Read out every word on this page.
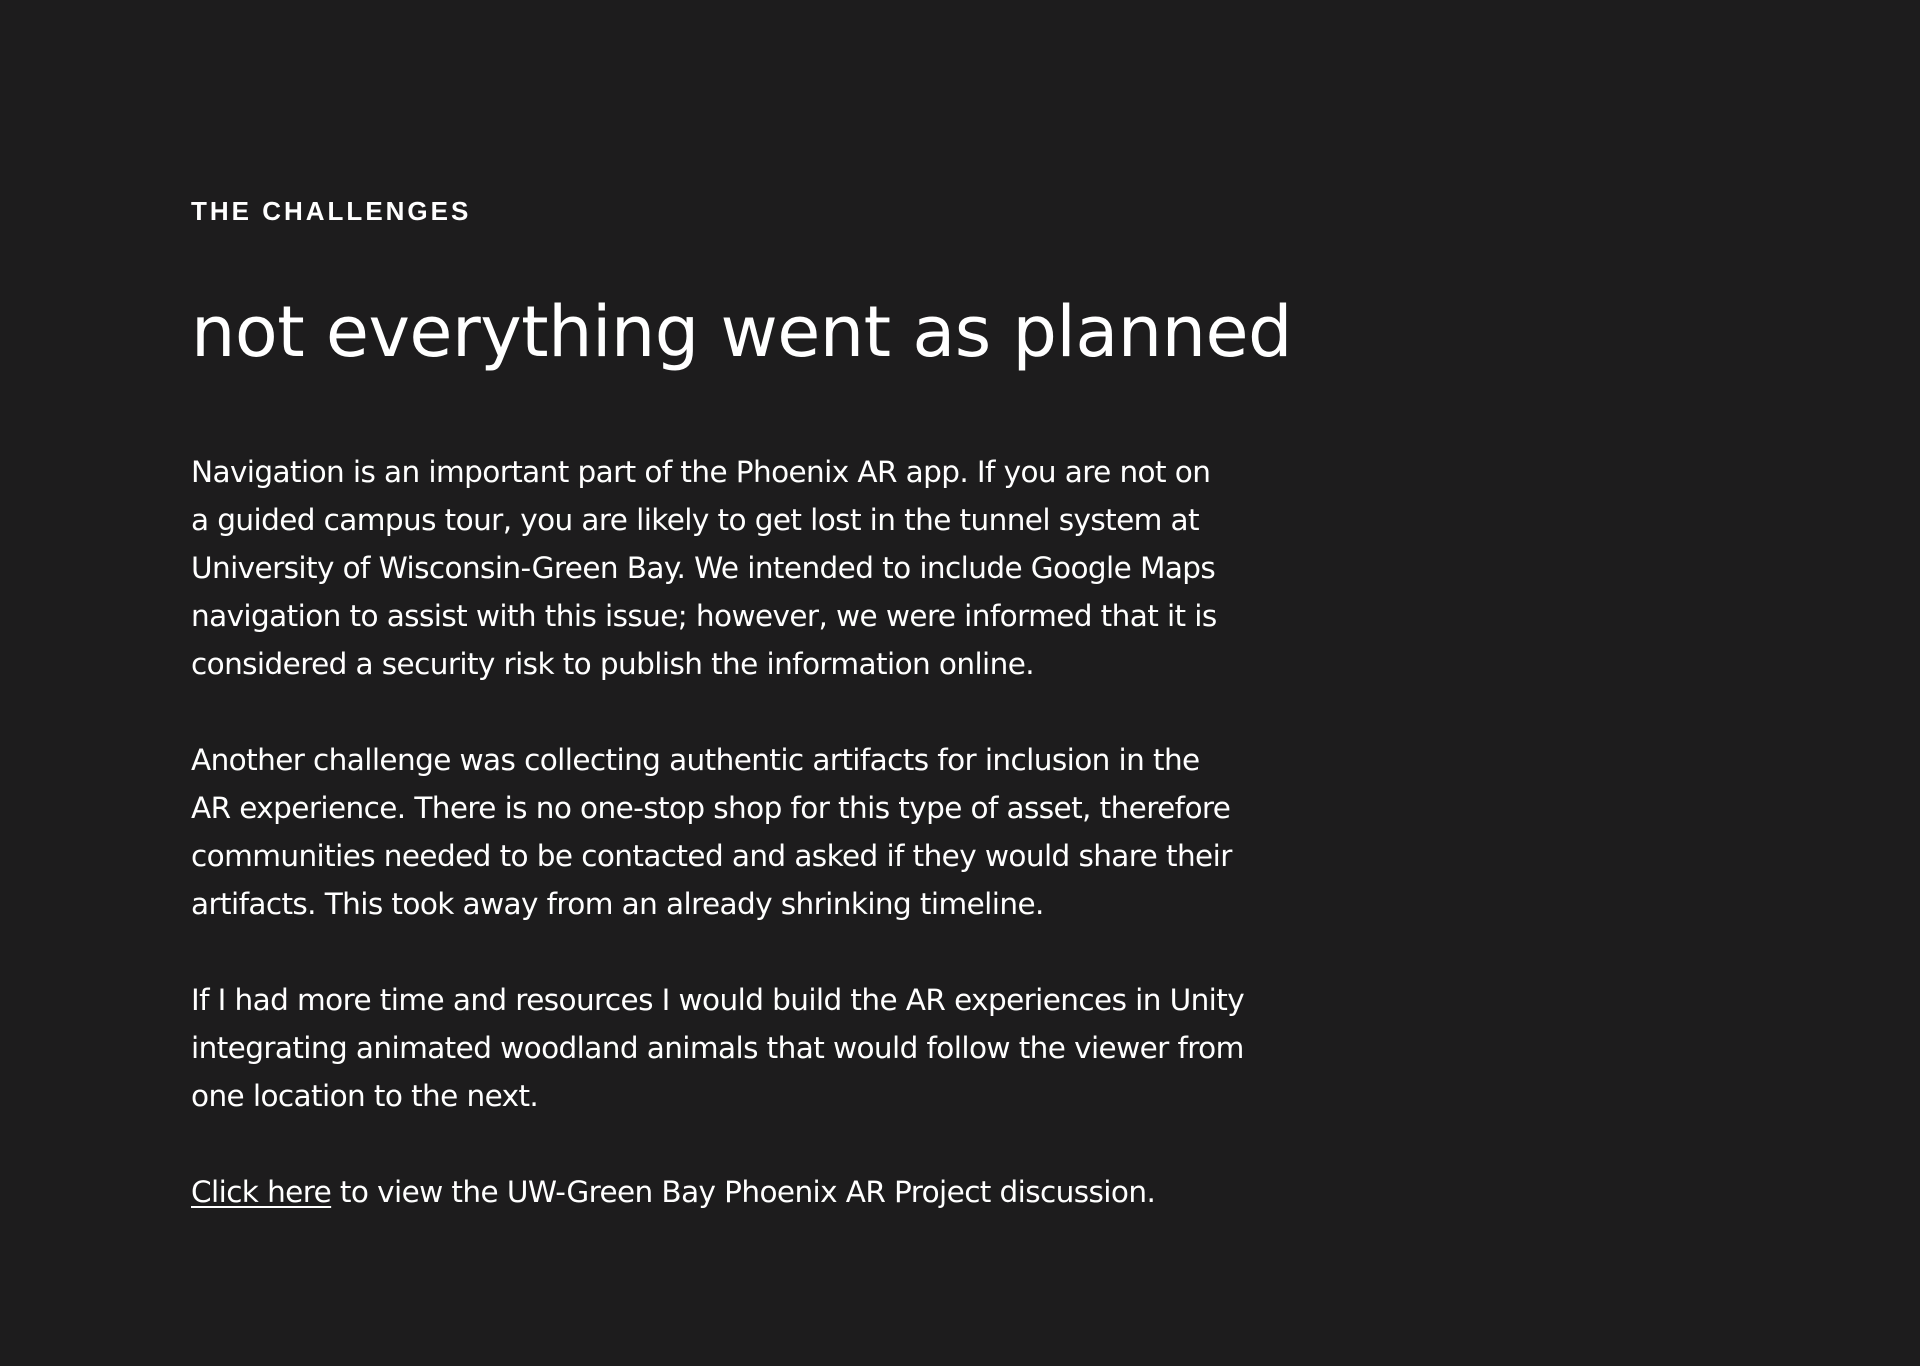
THE CHALLENGES
not everything went as planned

Navigation is an important part of the Phoenix AR app. If you are not on
a guided campus tour, you are likely to get lost in the tunnel system at
University of Wisconsin-Green Bay. We intended to include Google Maps
navigation to assist with this issue; however, we were informed that it is
considered a security risk to publish the information online.

Another challenge was collecting authentic artifacts for inclusion in the
AR experience. There is no one-stop shop for this type of asset, therefore
communities needed to be contacted and asked if they would share their
artifacts. This took away from an already shrinking timeline.

If I had more time and resources I would build the AR experiences in Unity
integrating animated woodland animals that would follow the viewer from
one location to the next.

Click here to view the UW-Green Bay Phoenix AR Project discussion.
